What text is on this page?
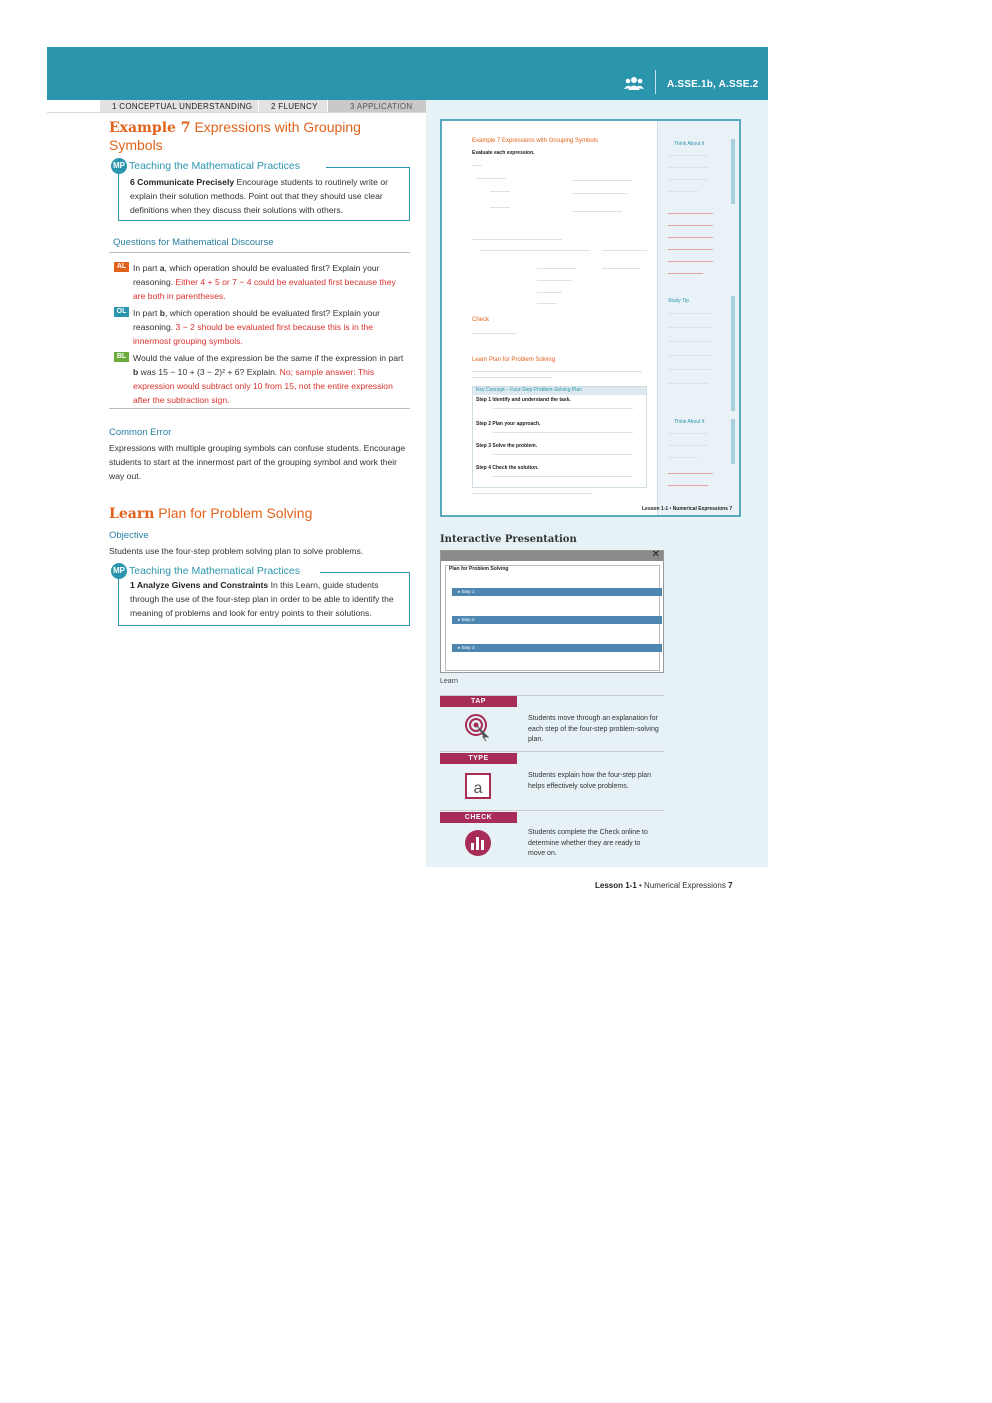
A.SSE.1b, A.SSE.2
1 CONCEPTUAL UNDERSTANDING	2 FLUENCY	3 APPLICATION
Example 7 Expressions with Grouping Symbols
MP Teaching the Mathematical Practices
6 Communicate Precisely Encourage students to routinely write or explain their solution methods. Point out that they should use clear definitions when they discuss their solutions with others.
Questions for Mathematical Discourse
AL In part a, which operation should be evaluated first? Explain your reasoning. Either 4 + 5 or 7 − 4 could be evaluated first because they are both in parentheses.
OL In part b, which operation should be evaluated first? Explain your reasoning. 3 − 2 should be evaluated first because this is in the innermost grouping symbols.
BL Would the value of the expression be the same if the expression in part b was 15 − 10 + (3 − 2)² + 6? Explain. No; sample answer: This expression would subtract only 10 from 15, not the entire expression after the subtraction sign.
Common Error
Expressions with multiple grouping symbols can confuse students. Encourage students to start at the innermost part of the grouping symbol and work their way out.
Learn Plan for Problem Solving
Objective
Students use the four-step problem solving plan to solve problems.
MP Teaching the Mathematical Practices
1 Analyze Givens and Constraints In this Learn, guide students through the use of the four-step plan in order to be able to identify the meaning of problems and look for entry points to their solutions.
Example 7 Expressions with Grouping Symbols
Evaluate each expression.
Check
Learn Plan for Problem Solving
Key Concept – Four-Step Problem-Solving Plan
Step 1 Identify and understand the task.
Step 2 Plan your approach.
Step 3 Solve the problem.
Step 4 Check the solution.
Lesson 1-1 • Numerical Expressions 7
Think About It
Study Tip
Think About It
Interactive Presentation
✕
Plan for Problem Solving
▸ Step 1
▸ Step 2
▸ Step 3
Learn
TAP
Students move through an explanation for each step of the four-step problem-solving plan.
TYPE
a
Students explain how the four-step plan helps effectively solve problems.
CHECK
Students complete the Check online to determine whether they are ready to move on.
Lesson 1-1 • Numerical Expressions 7
